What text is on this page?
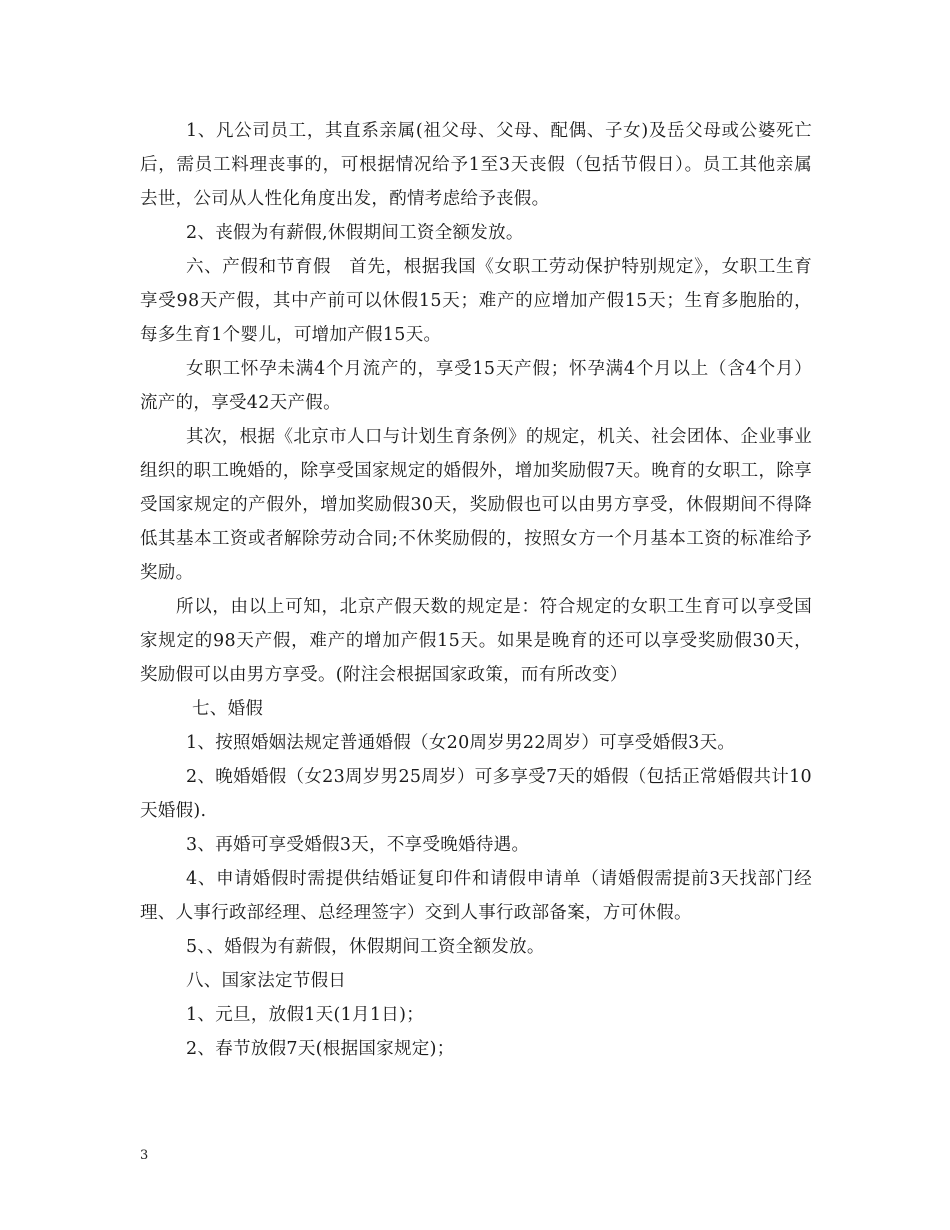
1、凡公司员工，其直系亲属(祖父母、父母、配偶、子女)及岳父母或公婆死亡后，需员工料理丧事的，可根据情况给予1至3天丧假（包括节假日）。员工其他亲属去世，公司从人性化角度出发，酌情考虑给予丧假。

2、丧假为有薪假,休假期间工资全额发放。

六、产假和节育假　首先，根据我国《女职工劳动保护特别规定》，女职工生育享受98天产假，其中产前可以休假15天；难产的应增加产假15天；生育多胞胎的，每多生育1个婴儿，可增加产假15天。

女职工怀孕未满4个月流产的，享受15天产假；怀孕满4个月以上（含4个月）流产的，享受42天产假。

其次，根据《北京市人口与计划生育条例》的规定，机关、社会团体、企业事业组织的职工晚婚的，除享受国家规定的婚假外，增加奖励假7天。晚育的女职工，除享受国家规定的产假外，增加奖励假30天，奖励假也可以由男方享受，休假期间不得降低其基本工资或者解除劳动合同;不休奖励假的，按照女方一个月基本工资的标准给予奖励。

所以，由以上可知，北京产假天数的规定是：符合规定的女职工生育可以享受国家规定的98天产假，难产的增加产假15天。如果是晚育的还可以享受奖励假30天，奖励假可以由男方享受。(附注会根据国家政策，而有所改变）

七、婚假

1、按照婚姻法规定普通婚假（女20周岁男22周岁）可享受婚假3天。

2、晚婚婚假（女23周岁男25周岁）可多享受7天的婚假（包括正常婚假共计10天婚假).

3、再婚可享受婚假3天，不享受晚婚待遇。

4、申请婚假时需提供结婚证复印件和请假申请单（请婚假需提前3天找部门经理、人事行政部经理、总经理签字）交到人事行政部备案，方可休假。

5、、婚假为有薪假，休假期间工资全额发放。

八、国家法定节假日

1、元旦，放假1天(1月1日)；

2、春节放假7天(根据国家规定)；

3
